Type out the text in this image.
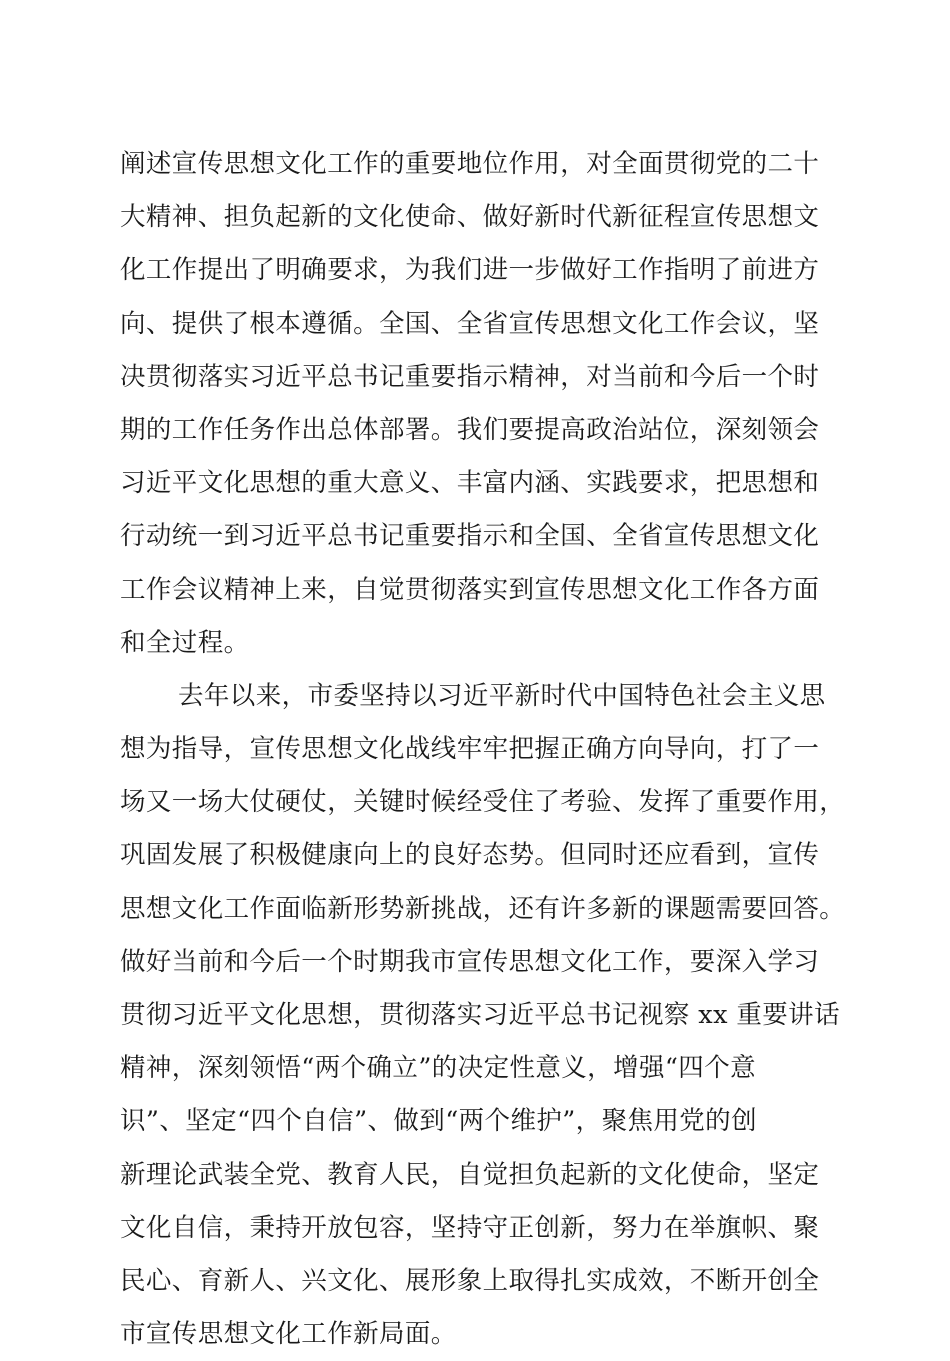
阐述宣传思想文化工作的重要地位作用，对全面贯彻党的二十
大精神、担负起新的文化使命、做好新时代新征程宣传思想文
化工作提出了明确要求，为我们进一步做好工作指明了前进方
向、提供了根本遵循。全国、全省宣传思想文化工作会议，坚
决贯彻落实习近平总书记重要指示精神，对当前和今后一个时
期的工作任务作出总体部署。我们要提高政治站位，深刻领会
习近平文化思想的重大意义、丰富内涵、实践要求，把思想和
行动统一到习近平总书记重要指示和全国、全省宣传思想文化
工作会议精神上来，自觉贯彻落实到宣传思想文化工作各方面
和全过程。
去年以来，市委坚持以习近平新时代中国特色社会主义思
想为指导，宣传思想文化战线牢牢把握正确方向导向，打了一
场又一场大仗硬仗，关键时候经受住了考验、发挥了重要作用，
巩固发展了积极健康向上的良好态势。但同时还应看到，宣传
思想文化工作面临新形势新挑战，还有许多新的课题需要回答。
做好当前和今后一个时期我市宣传思想文化工作，要深入学习
贯彻习近平文化思想，贯彻落实习近平总书记视察 xx 重要讲话
精神，深刻领悟“两个确立”的决定性意义，增强“四个意
识”、坚定“四个自信”、做到“两个维护”，聚焦用党的创
新理论武装全党、教育人民，自觉担负起新的文化使命，坚定
文化自信，秉持开放包容，坚持守正创新，努力在举旗帜、聚
民心、育新人、兴文化、展形象上取得扎实成效，不断开创全
市宣传思想文化工作新局面。
